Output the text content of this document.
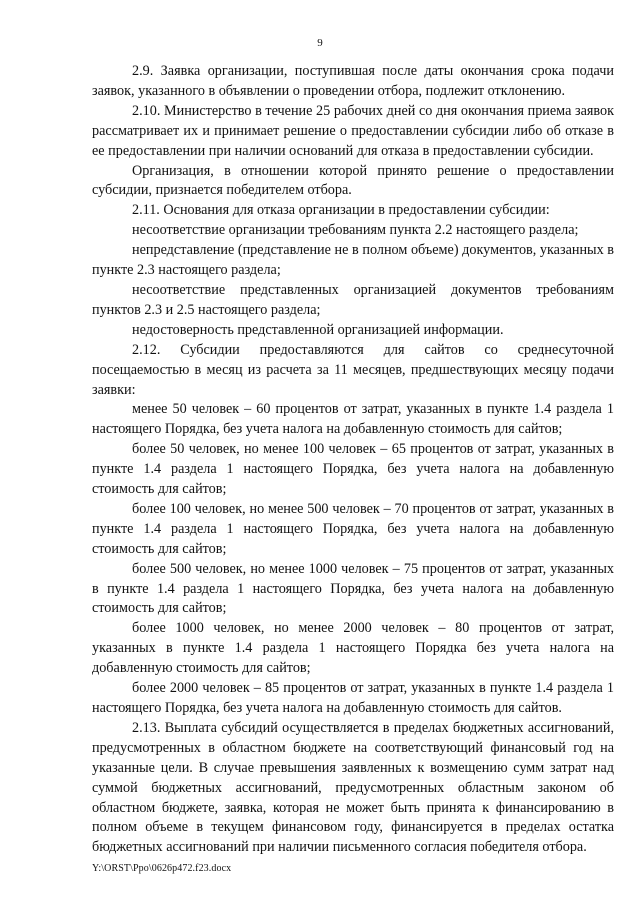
9

2.9. Заявка организации, поступившая после даты окончания срока подачи заявок, указанного в объявлении о проведении отбора, подлежит отклонению.

2.10. Министерство в течение 25 рабочих дней со дня окончания приема заявок рассматривает их и принимает решение о предоставлении субсидии либо об отказе в ее предоставлении при наличии оснований для отказа в предоставлении субсидии.

Организация, в отношении которой принято решение о предоставлении субсидии, признается победителем отбора.

2.11. Основания для отказа организации в предоставлении субсидии:

несоответствие организации требованиям пункта 2.2 настоящего раздела;

непредставление (представление не в полном объеме) документов, указанных в пункте 2.3 настоящего раздела;

несоответствие представленных организацией документов требованиям пунктов 2.3 и 2.5 настоящего раздела;

недостоверность представленной организацией информации.

2.12. Субсидии предоставляются для сайтов со среднесуточной посещаемостью в месяц из расчета за 11 месяцев, предшествующих месяцу подачи заявки:

менее 50 человек – 60 процентов от затрат, указанных в пункте 1.4 раздела 1 настоящего Порядка, без учета налога на добавленную стоимость для сайтов;

более 50 человек, но менее 100 человек – 65 процентов от затрат, указанных в пункте 1.4 раздела 1 настоящего Порядка, без учета налога на добавленную стоимость для сайтов;

более 100 человек, но менее 500 человек – 70 процентов от затрат, указанных в пункте 1.4 раздела 1 настоящего Порядка, без учета налога на добавленную стоимость для сайтов;

более 500 человек, но менее 1000 человек – 75 процентов от затрат, указанных в пункте 1.4 раздела 1 настоящего Порядка, без учета налога на добавленную стоимость для сайтов;

более 1000 человек, но менее 2000 человек – 80 процентов от затрат, указанных в пункте 1.4 раздела 1 настоящего Порядка без учета налога на добавленную стоимость для сайтов;

более 2000 человек – 85 процентов от затрат, указанных в пункте 1.4 раздела 1 настоящего Порядка, без учета налога на добавленную стоимость для сайтов.

2.13. Выплата субсидий осуществляется в пределах бюджетных ассигнований, предусмотренных в областном бюджете на соответствующий финансовый год на указанные цели. В случае превышения заявленных к возмещению сумм затрат над суммой бюджетных ассигнований, предусмотренных областным законом об областном бюджете, заявка, которая не может быть принята к финансированию в полном объеме в текущем финансовом году, финансируется в пределах остатка бюджетных ассигнований при наличии письменного согласия победителя отбора.

Y:\ORST\Ppo\0626p472.f23.docx
